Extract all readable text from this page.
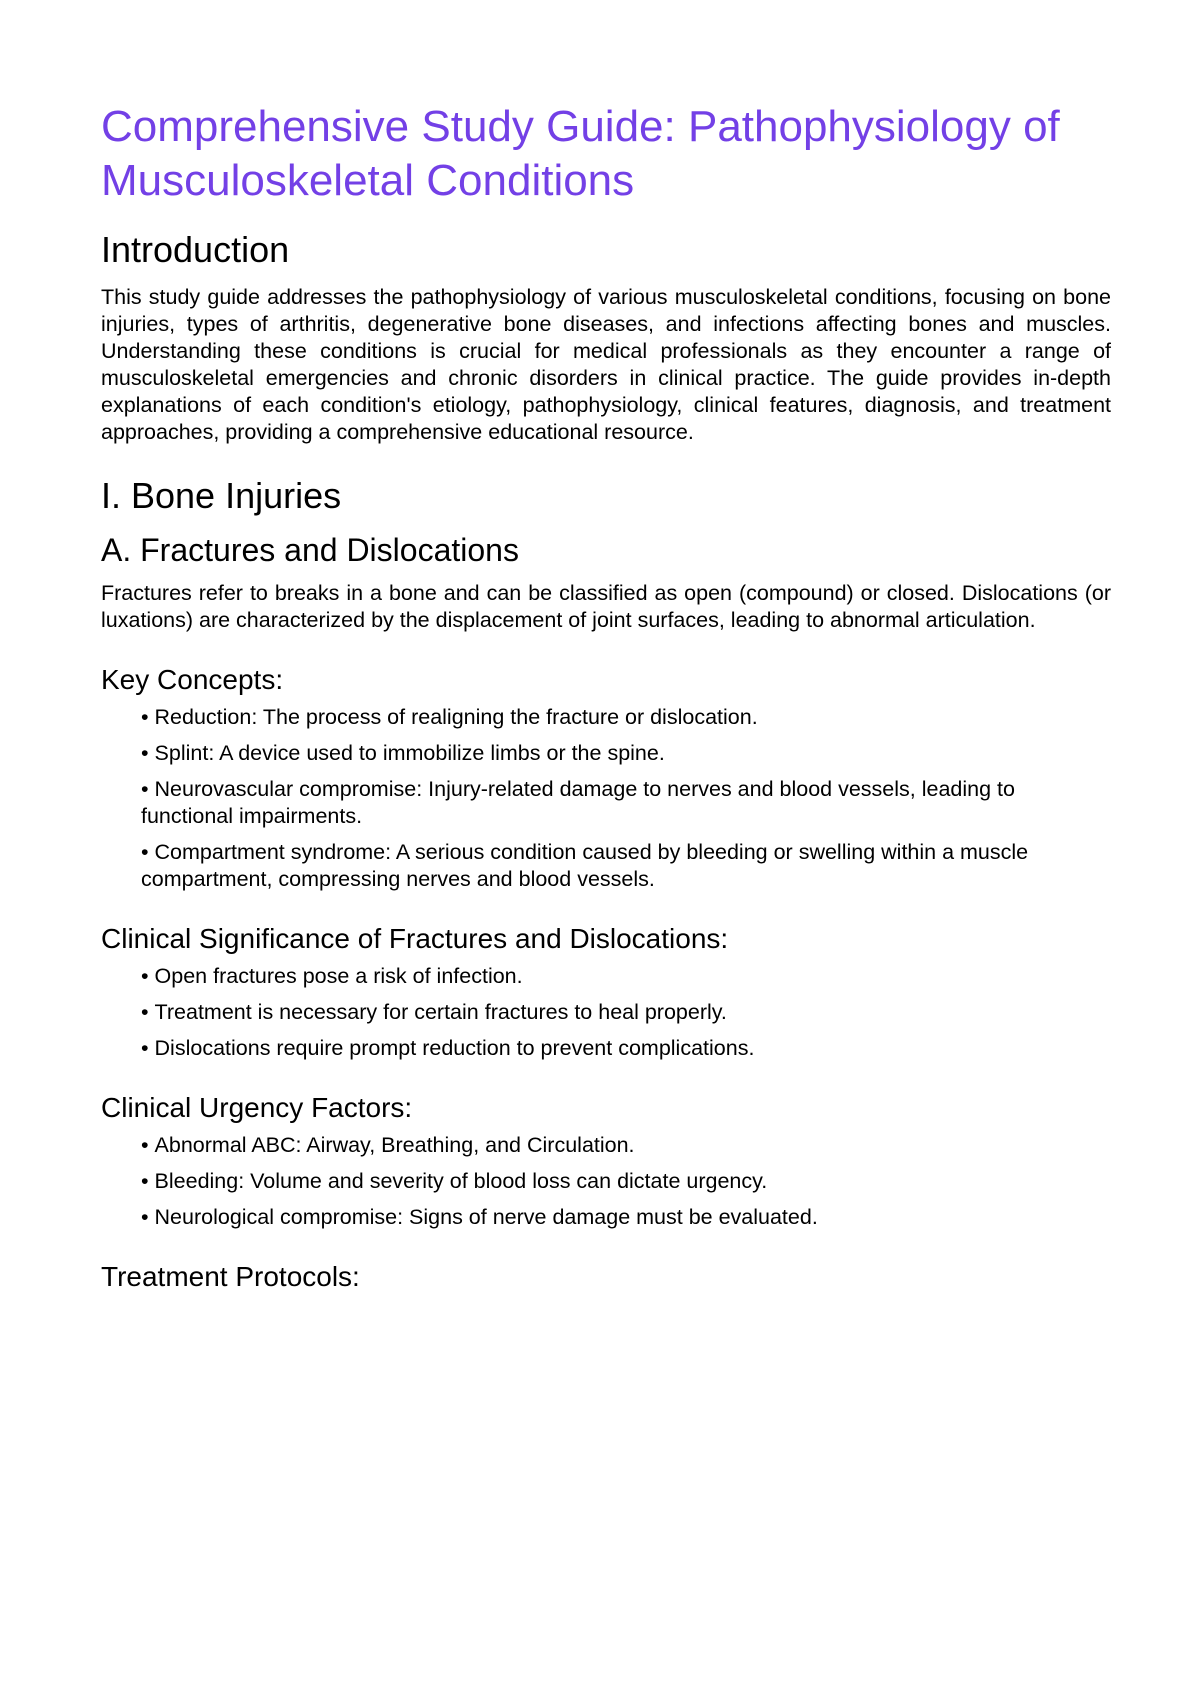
Comprehensive Study Guide: Pathophysiology of Musculoskeletal Conditions
Introduction

This study guide addresses the pathophysiology of various musculoskeletal conditions, focusing on bone injuries, types of arthritis, degenerative bone diseases, and infections affecting bones and muscles. Understanding these conditions is crucial for medical professionals as they encounter a range of musculoskeletal emergencies and chronic disorders in clinical practice. The guide provides in-depth explanations of each condition's etiology, pathophysiology, clinical features, diagnosis, and treatment approaches, providing a comprehensive educational resource.

I. Bone Injuries
A. Fractures and Dislocations

Fractures refer to breaks in a bone and can be classified as open (compound) or closed. Dislocations (or luxations) are characterized by the displacement of joint surfaces, leading to abnormal articulation.

Key Concepts:
• Reduction: The process of realigning the fracture or dislocation.
• Splint: A device used to immobilize limbs or the spine.
• Neurovascular compromise: Injury-related damage to nerves and blood vessels, leading to functional impairments.
• Compartment syndrome: A serious condition caused by bleeding or swelling within a muscle compartment, compressing nerves and blood vessels.
Clinical Significance of Fractures and Dislocations:
• Open fractures pose a risk of infection.
• Treatment is necessary for certain fractures to heal properly.
• Dislocations require prompt reduction to prevent complications.
Clinical Urgency Factors:
• Abnormal ABC: Airway, Breathing, and Circulation.
• Bleeding: Volume and severity of blood loss can dictate urgency.
• Neurological compromise: Signs of nerve damage must be evaluated.
Treatment Protocols:
